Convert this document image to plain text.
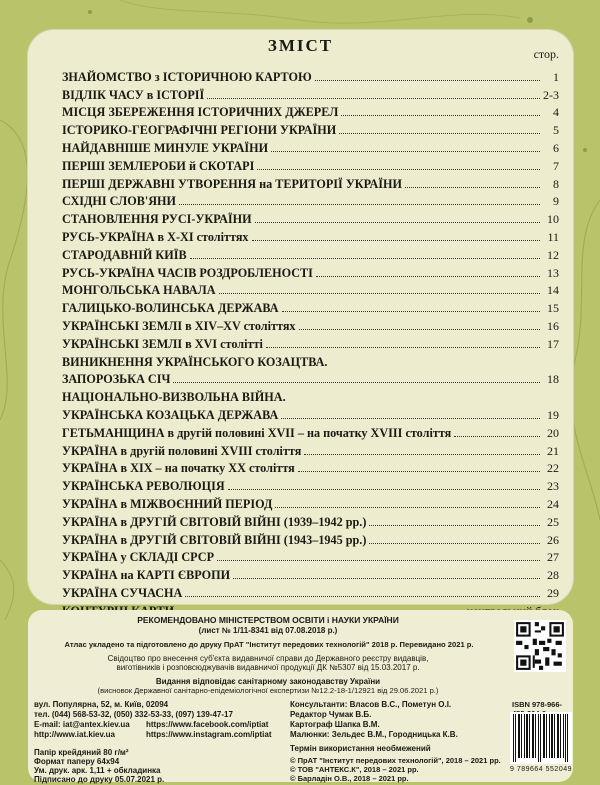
ЗМІСТ	стор.
ЗНАЙОМСТВО з ІСТОРИЧНОЮ КАРТОЮ	1
ВІДЛІК ЧАСУ в ІСТОРІЇ	2-3
МІСЦЯ ЗБЕРЕЖЕННЯ ІСТОРИЧНИХ ДЖЕРЕЛ	4
ІСТОРИКО-ГЕОГРАФІЧНІ РЕГІОНИ УКРАЇНИ	5
НАЙДАВНІШЕ МИНУЛЕ УКРАЇНИ	6
ПЕРШІ ЗЕМЛЕРОБИ й СКОТАРІ	7
ПЕРШІ ДЕРЖАВНІ УТВОРЕННЯ на ТЕРИТОРІЇ УКРАЇНИ	8
СХІДНІ СЛОВ'ЯНИ	9
СТАНОВЛЕННЯ РУСІ-УКРАЇНИ	10
РУСЬ-УКРАЇНА в X-XI століттях	11
СТАРОДАВНІЙ КИЇВ	12
РУСЬ-УКРАЇНА ЧАСІВ РОЗДРОБЛЕНОСТІ	13
МОНГОЛЬСЬКА НАВАЛА	14
ГАЛИЦЬКО-ВОЛИНСЬКА ДЕРЖАВА	15
УКРАЇНСЬКІ ЗЕМЛІ в XIV–XV століттях	16
УКРАЇНСЬКІ ЗЕМЛІ в XVI столітті	17
ВИНИКНЕННЯ УКРАЇНСЬКОГО КОЗАЦТВА.
ЗАПОРОЗЬКА СІЧ	18
НАЦІОНАЛЬНО-ВИЗВОЛЬНА ВІЙНА.
УКРАЇНСЬКА КОЗАЦЬКА ДЕРЖАВА	19
ГЕТЬМАНЩИНА в другій половині XVII – на початку XVIII століття	20
УКРАЇНА в другій половині XVIII століття	21
УКРАЇНА в XIX – на початку XX століття	22
УКРАЇНСЬКА РЕВОЛЮЦІЯ	23
УКРАЇНА в МІЖВОЄННИЙ ПЕРІОД	24
УКРАЇНА в ДРУГІЙ СВІТОВІЙ ВІЙНІ (1939–1942 рр.)	25
УКРАЇНА в ДРУГІЙ СВІТОВІЙ ВІЙНІ (1943–1945 рр.)	26
УКРАЇНА у СКЛАДІ СРСР	27
УКРАЇНА на КАРТІ ЄВРОПИ	28
УКРАЇНА СУЧАСНА	29
РЕКОМЕНДОВАНО МІНІСТЕРСТВОМ ОСВІТИ і НАУКИ УКРАЇНИ
(лист № 1/11-8341 від 07.08.2018 р.)
Атлас укладено та підготовлено до друку ПрАТ "Інститут передових технологій" 2018 р. Перевидано 2021 р.
Свідоцтво про внесення суб'єкта видавничої справи до Державного реєстру видавців,
виготівників і розповсюджувачів видавничої продукції ДК №5307 від 15.03.2017 р.
Видання відповідає санітарному законодавству України
(висновок Державної санітарно-епідеміологічної експертизи №12.2-18-1/12921 від 29.06.2021 р.)
вул. Популярна, 52, м. Київ, 02094
тел. (044) 568-53-32, (050) 332-53-33, (097) 139-47-17
E-mail: iat@antex.kiev.ua https://www.facebook.com/iptiat
http://www.iat.kiev.ua	https://www.instagram.com/iptiat
Папір крейдяний 80 г/м²
Формат паперу 64х94
Ум. друк. арк. 1,11 + обкладинка
Підписано до друку 05.07.2021 р.
Консультанти: Власов В.С., Пометун О.І.
Редактор Чумак В.Б.
Картограф Шапка В.М.
Малюнки: Зельдес В.М., Городницька К.В.
Термін використання необмежений
© ПрАТ "Інститут передових технологій", 2018 – 2021 рр.
© ТОВ "АНТЕКС.К", 2018 – 2021 рр.
© Барладін О.В., 2018 – 2021 рр.
ISBN 978-966-
9 789664 552049
